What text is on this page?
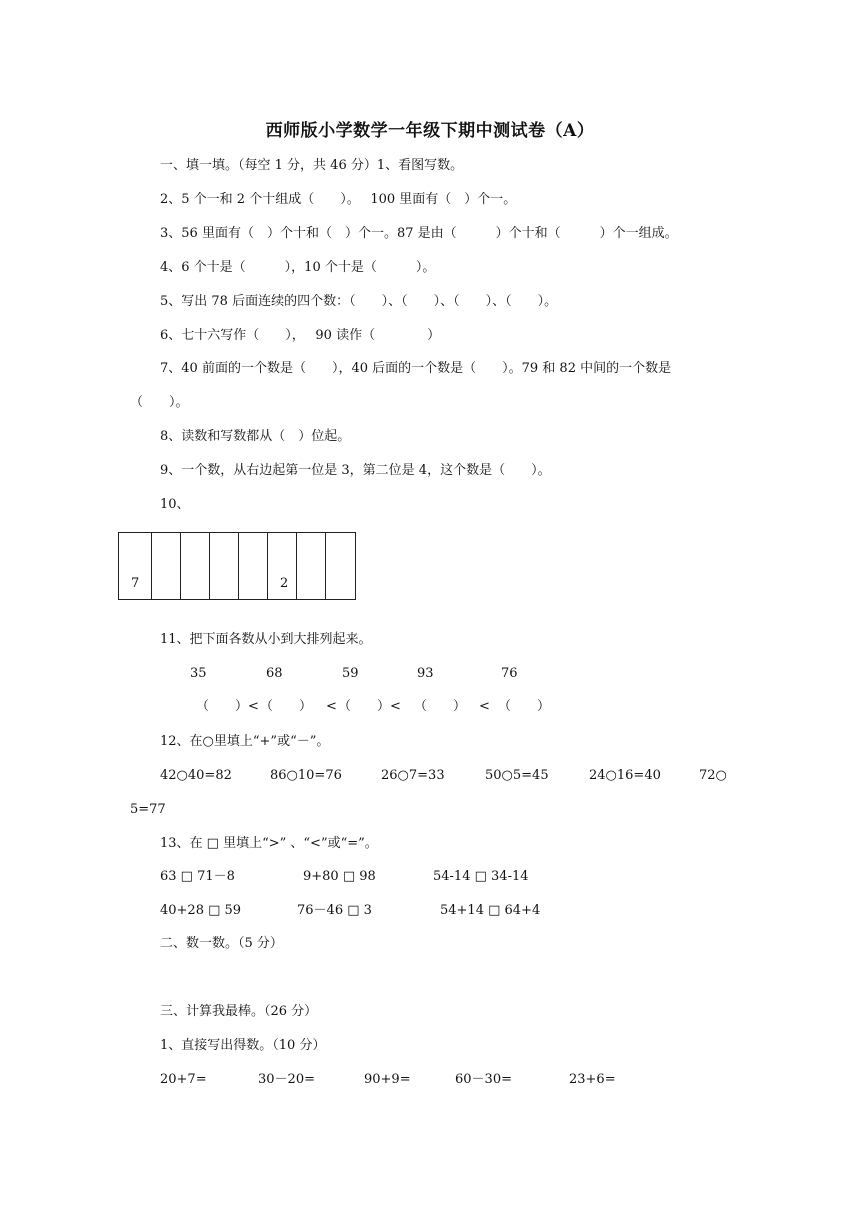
西师版小学数学一年级下期中测试卷（A）
一、填一填。（每空 1 分，共 46 分）1、看图写数。
2、5 个一和 2 个十组成（　　）。　 100 里面有（　）个一。
3、56 里面有（　）个十和（　）个一。87 是由（　　　）个十和（　　　）个一组成。
4、6 个十是（　　　），10 个十是（　　　）。
5、写出 78 后面连续的四个数：（　　）、（　　）、（　　）、（　　）。
6、七十六写作（　　），　 90 读作（　　　　）
7、40 前面的一个数是（　　），40 后面的一个数是（　　）。79 和 82 中间的一个数是
（　　）。
8、读数和写数都从（　）位起。
9、一个数，从右边起第一位是 3，第二位是 4，这个数是（　　）。
10、
7	2
11、把下面各数从小到大排列起来。
35	68	59	93	76
（　　）< （　　） < （　　）< （　　） < （　　）
12、在○里填上“+”或“－”。
42○40=82	86○10=76	26○7=33	50○5=45	24○16=40	72○
5=77
13、在 □ 里填上“>” 、“<”或“=”。
63 □ 71－8	9+80 □ 98	54-14 □ 34-14
40+28 □ 59	76－46 □ 3	54+14 □ 64+4
二、数一数。（5 分）
三、计算我最棒。（26 分）
1、直接写出得数。（10 分）
20+7=	30－20=	90+9=	60－30=	23+6=
